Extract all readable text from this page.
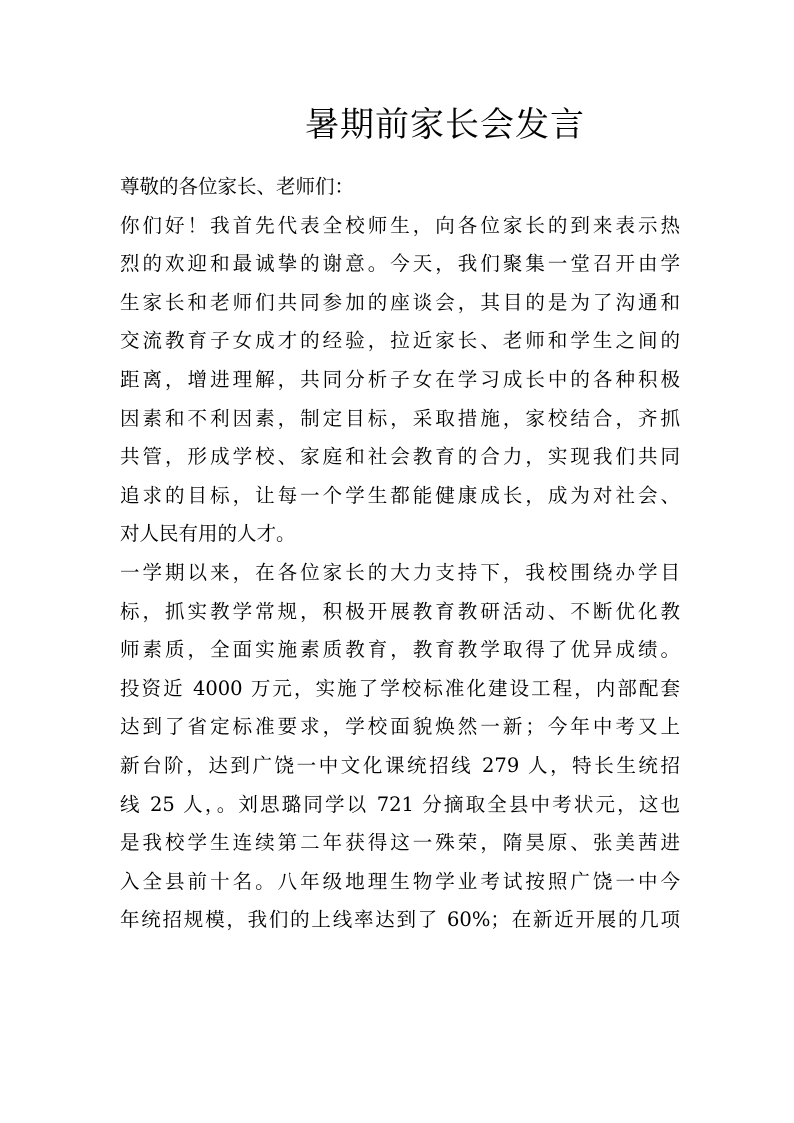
暑期前家长会发言

尊敬的各位家长、老师们：

你们好！我首先代表全校师生，向各位家长的到来表示热

烈的欢迎和最诚挚的谢意。今天，我们聚集一堂召开由学

生家长和老师们共同参加的座谈会，其目的是为了沟通和

交流教育子女成才的经验，拉近家长、老师和学生之间的

距离，增进理解，共同分析子女在学习成长中的各种积极

因素和不利因素，制定目标，采取措施，家校结合，齐抓

共管，形成学校、家庭和社会教育的合力，实现我们共同

追求的目标，让每一个学生都能健康成长，成为对社会、

对人民有用的人才。

一学期以来，在各位家长的大力支持下，我校围绕办学目

标，抓实教学常规，积极开展教育教研活动、不断优化教

师素质，全面实施素质教育，教育教学取得了优异成绩。

投资近 4000 万元，实施了学校标准化建设工程，内部配套

达到了省定标准要求，学校面貌焕然一新；今年中考又上

新台阶，达到广饶一中文化课统招线 279 人，特长生统招

线 25 人，。刘思璐同学以 721 分摘取全县中考状元，这也

是我校学生连续第二年获得这一殊荣，隋昊原、张美茜进

入全县前十名。八年级地理生物学业考试按照广饶一中今

年统招规模，我们的上线率达到了 60%；在新近开展的几项
